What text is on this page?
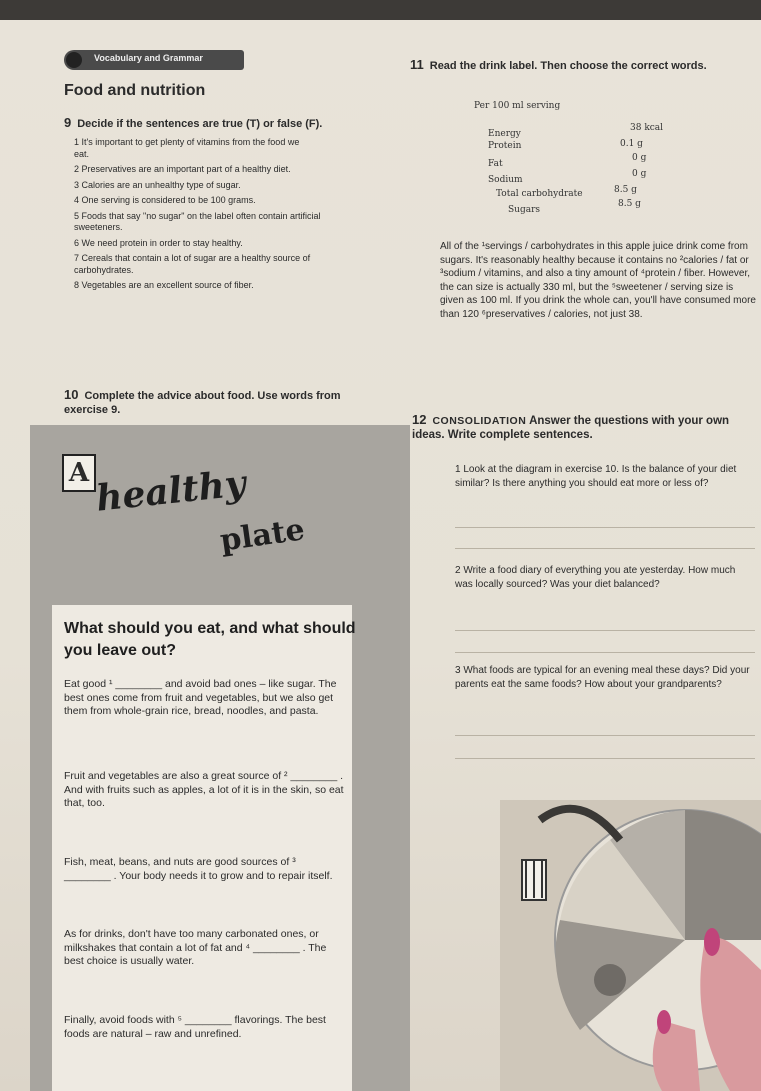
Vocabulary and Grammar
Food and nutrition
9 Decide if the sentences are true (T) or false (F).
1 It's important to get plenty of vitamins from the food we eat.
2 Preservatives are an important part of a healthy diet.
3 Calories are an unhealthy type of sugar.
4 One serving is considered to be 100 grams.
5 Foods that say "no sugar" on the label often contain artificial sweeteners.
6 We need protein in order to stay healthy.
7 Cereals that contain a lot of sugar are a healthy source of carbohydrates.
8 Vegetables are an excellent source of fiber.
10 Complete the advice about food. Use words from exercise 9.
11 Read the drink label. Then choose the correct words.
Per 100 ml serving
Energy
38 kcal
Protein	0.1 g
Fat
0 g
Sodium
0 g
Total carbohydrate	8.5 g
Sugars
8.5 g
All of the ¹servings / carbohydrates in this apple juice drink come from sugars. It's reasonably healthy because it contains no ²calories / fat or ³sodium / vitamins, and also a tiny amount of ⁴protein / fiber. However, the can size is actually 330 ml, but the ⁵sweetener / serving size is given as 100 ml. If you drink the whole can, you'll have consumed more than 120 ⁶preservatives / calories, not just 38.
12 CONSOLIDATION Answer the questions with your own ideas. Write complete sentences.
1 Look at the diagram in exercise 10. Is the balance of your diet similar? Is there anything you should eat more or less of?
2 Write a food diary of everything you ate yesterday. How much was locally sourced? Was your diet balanced?
3 What foods are typical for an evening meal these days? Did your parents eat the same foods? How about your grandparents?
A healthy
plate
What should you eat, and what should you leave out?
Eat good ¹ ________ and avoid bad ones – like sugar. The best ones come from fruit and vegetables, but we also get them from whole-grain rice, bread, noodles, and pasta.
Fruit and vegetables are also a great source of ² ________ . And with fruits such as apples, a lot of it is in the skin, so eat that, too.
Fish, meat, beans, and nuts are good sources of ³ ________ . Your body needs it to grow and to repair itself.
As for drinks, don't have too many carbonated ones, or milkshakes that contain a lot of fat and ⁴ ________ . The best choice is usually water.
Finally, avoid foods with ⁵ ________ flavorings. The best foods are natural – raw and unrefined.
